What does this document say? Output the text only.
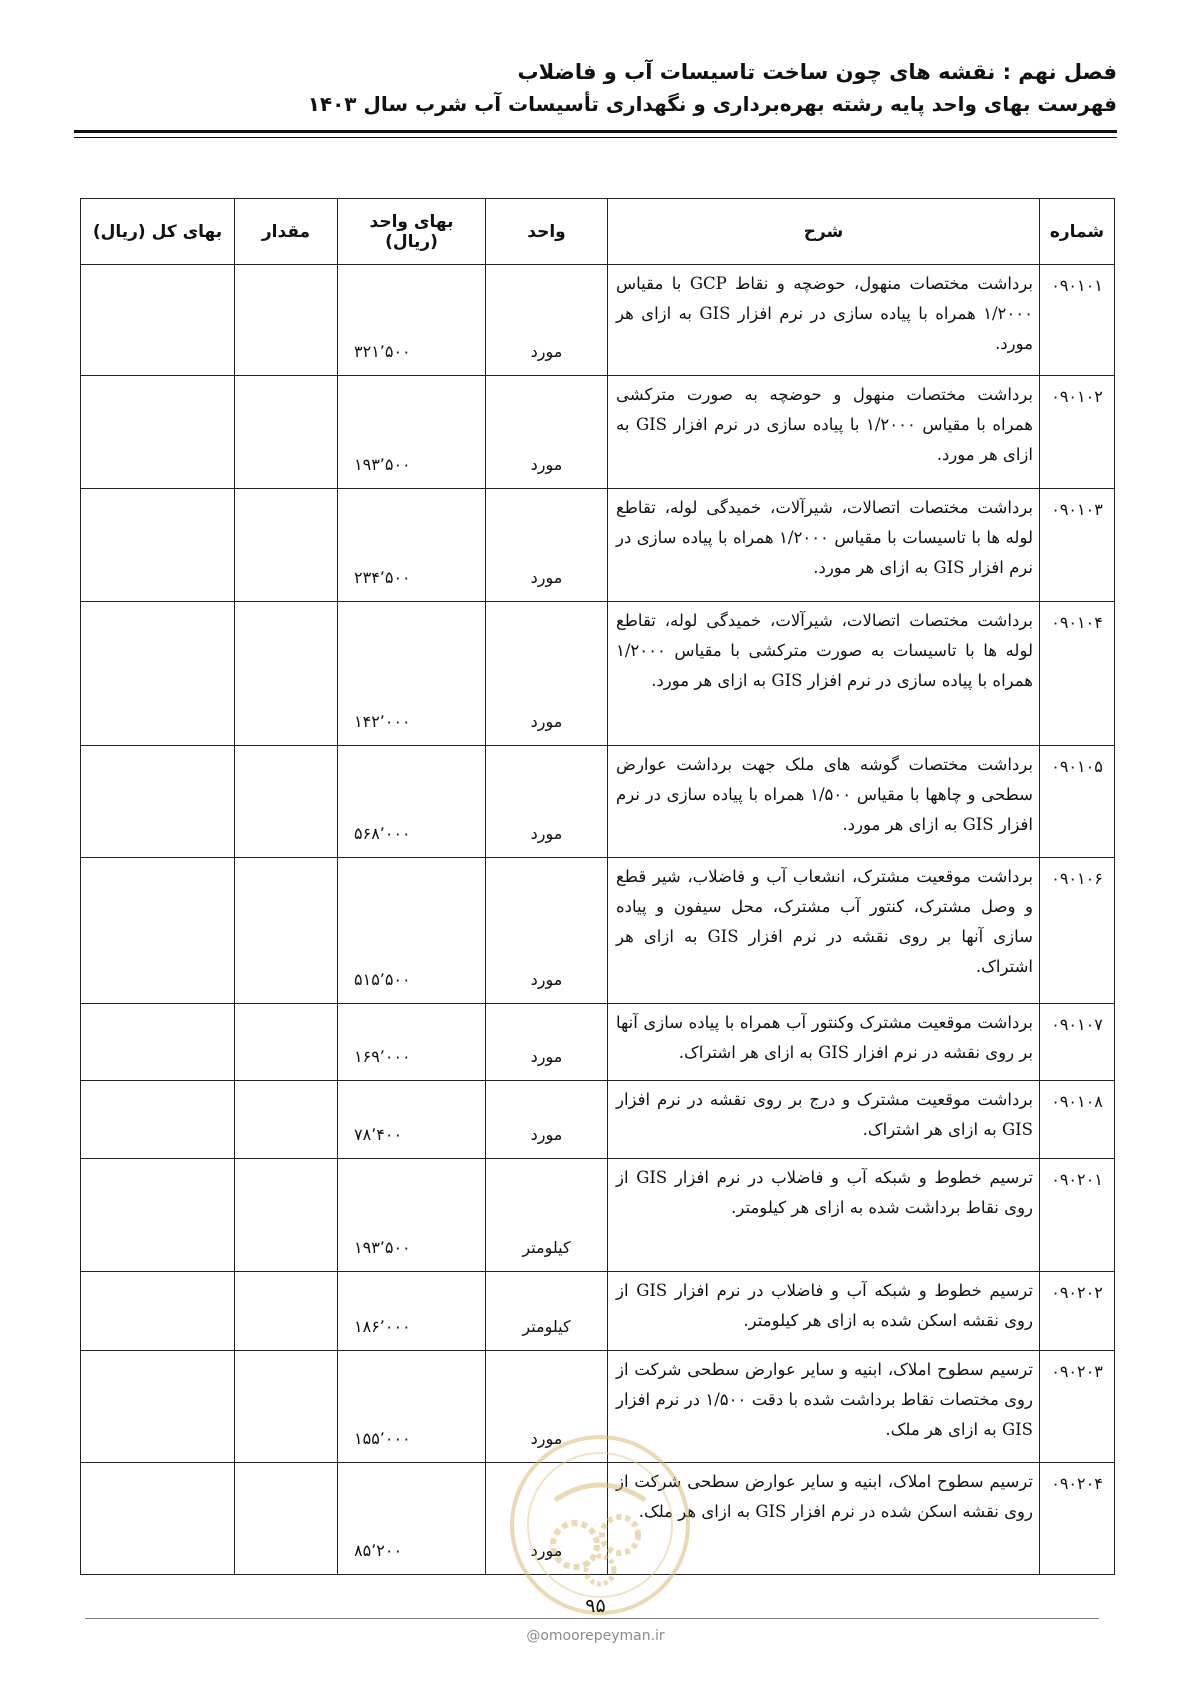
فصل نهم : نقشه های چون ساخت تاسیسات آب و فاضلاب
فهرست بهای واحد پایه رشته بهره‌برداری و نگهداری تأسیسات آب شرب سال ۱۴۰۳
شماره	شرح	واحد	بهای واحد (ریال)	مقدار	بهای کل (ریال)
۰۹۰۱۰۱	برداشت مختصات منهول، حوضچه و نقاط GCP با مقیاس ۱/۲۰۰۰ همراه با پیاده سازی در نرم افزار GIS به ازای هر مورد.	مورد	۳۲۱٬۵۰۰		
۰۹۰۱۰۲	برداشت مختصات منهول و حوضچه به صورت مترکشی همراه با مقیاس ۱/۲۰۰۰ با پیاده سازی در نرم افزار GIS به ازای هر مورد.	مورد	۱۹۳٬۵۰۰		
۰۹۰۱۰۳	برداشت مختصات اتصالات، شیرآلات، خمیدگی لوله، تقاطع لوله ها با تاسیسات با مقیاس ۱/۲۰۰۰ همراه با پیاده سازی در نرم افزار GIS به ازای هر مورد.	مورد	۲۳۴٬۵۰۰		
۰۹۰۱۰۴	برداشت مختصات اتصالات، شیرآلات، خمیدگی لوله، تقاطع لوله ها با تاسیسات به صورت مترکشی با مقیاس ۱/۲۰۰۰ همراه با پیاده سازی در نرم افزار GIS به ازای هر مورد.	مورد	۱۴۲٬۰۰۰		
۰۹۰۱۰۵	برداشت مختصات گوشه های ملک جهت برداشت عوارض سطحی و چاهها با مقیاس ۱/۵۰۰ همراه با پیاده سازی در نرم افزار GIS به ازای هر مورد.	مورد	۵۶۸٬۰۰۰		
۰۹۰۱۰۶	برداشت موقعیت مشترک، انشعاب آب و فاضلاب، شیر قطع و وصل مشترک، کنتور آب مشترک، محل سیفون و پیاده سازی آنها بر روی نقشه در نرم افزار GIS به ازای هر اشتراک.	مورد	۵۱۵٬۵۰۰		
۰۹۰۱۰۷	برداشت موقعیت مشترک وکنتور آب همراه با پیاده سازی آنها بر روی نقشه در نرم افزار GIS به ازای هر اشتراک.	مورد	۱۶۹٬۰۰۰		
۰۹۰۱۰۸	برداشت موقعیت مشترک و درج بر روی نقشه در نرم افزار GIS به ازای هر اشتراک.	مورد	۷۸٬۴۰۰		
۰۹۰۲۰۱	ترسیم خطوط و شبکه آب و فاضلاب در نرم افزار GIS از روی نقاط برداشت شده به ازای هر کیلومتر.	کیلومتر	۱۹۳٬۵۰۰		
۰۹۰۲۰۲	ترسیم خطوط و شبکه آب و فاضلاب در نرم افزار GIS از روی نقشه اسکن شده به ازای هر کیلومتر.	کیلومتر	۱۸۶٬۰۰۰		
۰۹۰۲۰۳	ترسیم سطوح املاک، ابنیه و سایر عوارض سطحی شرکت از روی مختصات نقاط برداشت شده با دقت ۱/۵۰۰ در نرم افزار GIS به ازای هر ملک.	مورد	۱۵۵٬۰۰۰		
۰۹۰۲۰۴	ترسیم سطوح املاک، ابنیه و سایر عوارض سطحی شرکت از روی نقشه اسکن شده در نرم افزار GIS به ازای هر ملک.	مورد	۸۵٬۲۰۰		
۹۵
@omoorepeyman.ir
